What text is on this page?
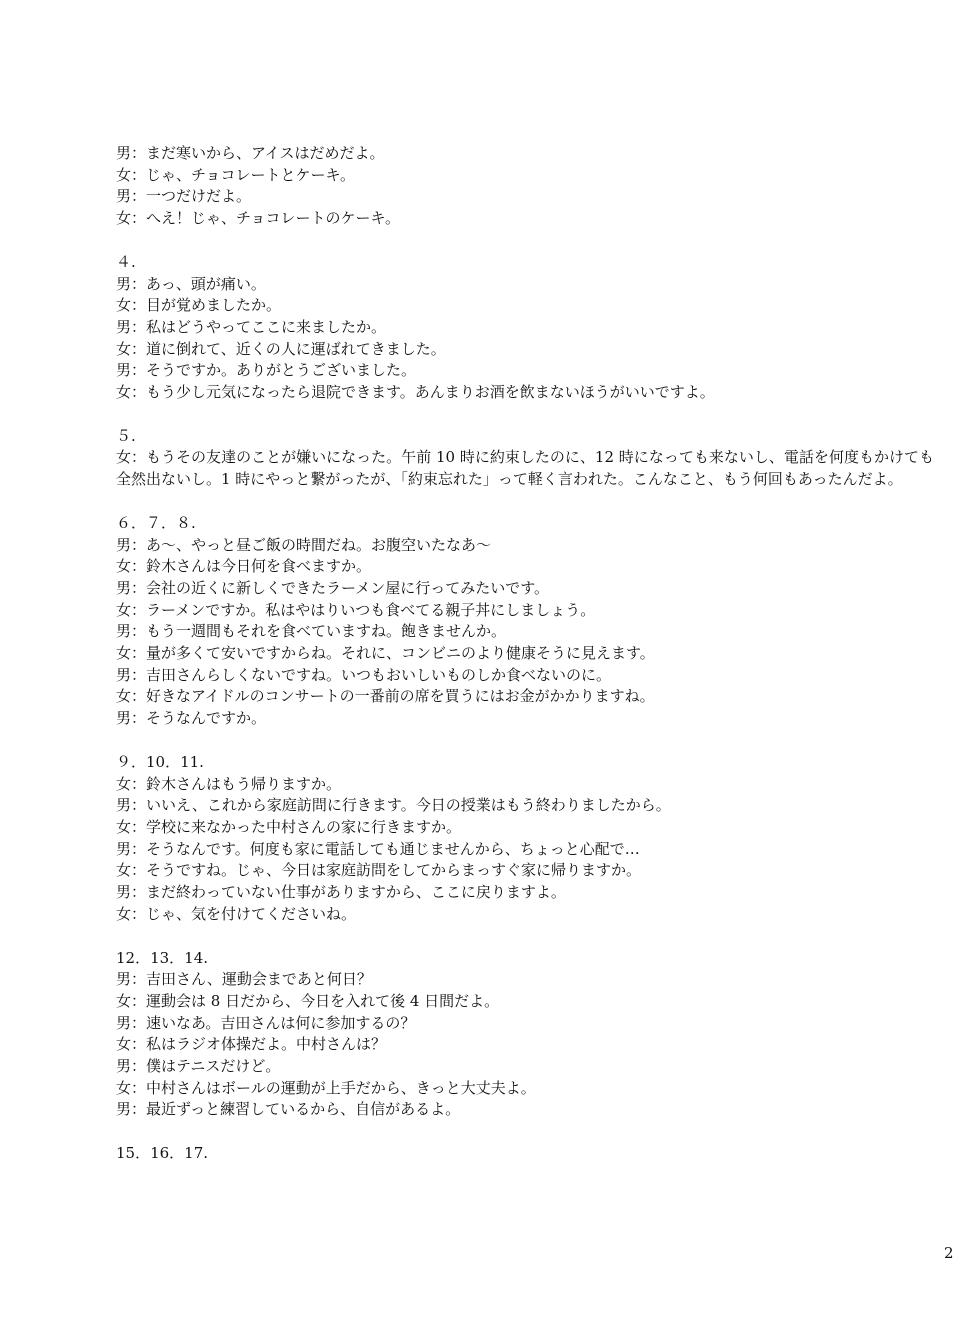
男：まだ寒いから、アイスはだめだよ。
女：じゃ、チョコレートとケーキ。
男：一つだけだよ。
女：へえ！じゃ、チョコレートのケーキ。
４.
男：あっ、頭が痛い。
女：目が覚めましたか。
男：私はどうやってここに来ましたか。
女：道に倒れて、近くの人に運ばれてきました。
男：そうですか。ありがとうございました。
女：もう少し元気になったら退院できます。あんまりお酒を飲まないほうがいいですよ。
５.
女：もうその友達のことが嫌いになった。午前 10 時に約束したのに、12 時になっても来ないし、電話を何度もかけても全然出ないし。1 時にやっと繋がったが、「約束忘れた」って軽く言われた。こんなこと、もう何回もあったんだよ。
６．７．８.
男：あ〜、やっと昼ご飯の時間だね。お腹空いたなあ〜
女：鈴木さんは今日何を食べますか。
男：会社の近くに新しくできたラーメン屋に行ってみたいです。
女：ラーメンですか。私はやはりいつも食べてる親子丼にしましょう。
男：もう一週間もそれを食べていますね。飽きませんか。
女：量が多くて安いですからね。それに、コンビニのより健康そうに見えます。
男：吉田さんらしくないですね。いつもおいしいものしか食べないのに。
女：好きなアイドルのコンサートの一番前の席を買うにはお金がかかりますね。
男：そうなんですか。
９．10．11.
女：鈴木さんはもう帰りますか。
男：いいえ、これから家庭訪問に行きます。今日の授業はもう終わりましたから。
女：学校に来なかった中村さんの家に行きますか。
男：そうなんです。何度も家に電話しても通じませんから、ちょっと心配で…
女：そうですね。じゃ、今日は家庭訪問をしてからまっすぐ家に帰りますか。
男：まだ終わっていない仕事がありますから、ここに戻りますよ。
女：じゃ、気を付けてくださいね。
12．13．14.
男：吉田さん、運動会まであと何日？
女：運動会は 8 日だから、今日を入れて後 4 日間だよ。
男：速いなあ。吉田さんは何に参加するの？
女：私はラジオ体操だよ。中村さんは？
男：僕はテニスだけど。
女：中村さんはボールの運動が上手だから、きっと大丈夫よ。
男：最近ずっと練習しているから、自信があるよ。
15．16．17.
2
